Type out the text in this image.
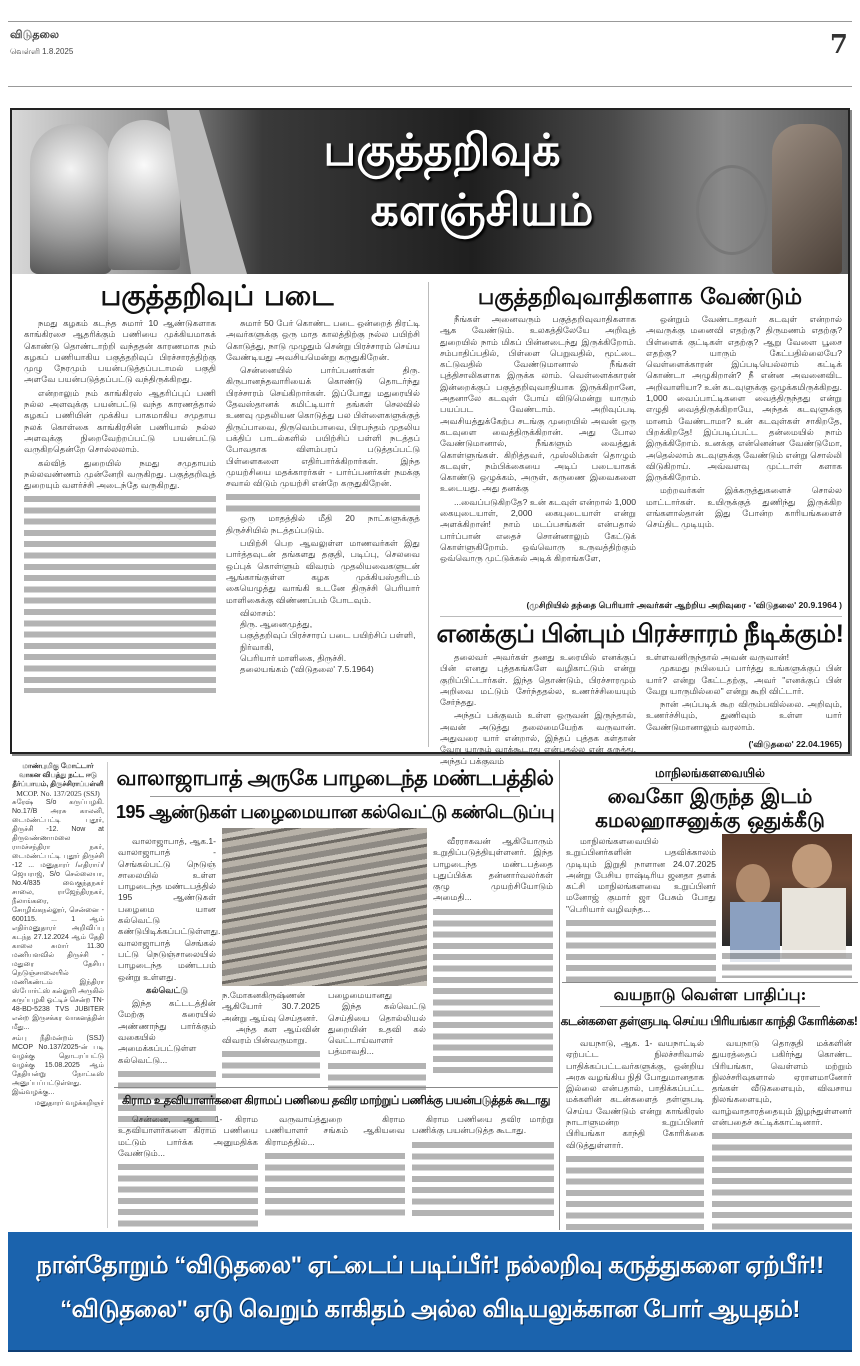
விடுதலை
வெள்ளி 1.8.2025	7
பகுத்தறிவுக்
களஞ்சியம்
பகுத்தறிவுப் படை

நமது கழகம் கடந்த சுமார் 10 ஆண்டுகளாக காங்கிரசை ஆதரிக்கும் பணியை முக்கியமாகக் கொண்டு தொண்டாற்றி வந்ததன் காரணமாக நம் கழகப் பணியாகிய பகுத்தறிவுப் பிரச்சாரத்திற்கு முழு நேரமும் பயன்படுத்தப்படாமல் பகுதி அளவே பயன்படுத்தப்பட்டு வந்திருக்கிறது.

என்றாலும் நம் காங்கிரஸ் ஆதரிப்புப் பணி நல்ல அளவுக்கு பயன்பட்டு வந்த காரணத்தால் கழகப் பணியின் முக்கிய பாகமாகிய சமுதாய நலக் கொள்கை காங்கிரசின் பணியால் நல்ல அளவுக்கு நிறைவேற்றப்பட்டு பயன்பட்டு வருகிறதென்றே சொல்லலாம்.

கல்வித் துறையில் நமது சமுதாயம் நல்லவண்ணம் முன்னேறி வருகிறது. பகுத்தறிவுத் துறையும் வளர்ச்சி அடைந்தே வருகிறது.

சுமார் 50 பேர் கொண்ட படை ஒன்றைத் திரட்டி அவர்களுக்கு ஒரு மாத காலத்திற்கு நல்ல பயிற்சி கொடுத்து, நாடு முழுதும் சென்று பிரச்சாரம் செய்ய வேண்டியது அவசியமென்று கருதுகிறேன்.

சென்னையில் பார்ப்பனர்கள் திரு. கிருபானந்தவாரியைக் கொண்டு தொடர்ந்து பிரச்சாரம் செய்கிறார்கள். இப்போது மதுரையில் தேவஸ்தானக் கமிட்டியார் தங்கள் செலவில் உணவு முதலியன கொடுத்து பல பிள்ளைகளுக்குத் திருப்பாவை, திருவெம்பாவை, பிரபந்தம் முதலிய பக்திப் பாடல்களில் பயிற்சிப் பள்ளி நடத்தப் போவதாக விளம்பரப் படுத்தப்பட்டு பிள்ளைகளை எதிர்பார்க்கிறார்கள். இந்த முயற்சியை மதக்காரர்கள் - பார்ப்பனர்கள் நமக்கு சவால் விடும் முயற்சி என்றே கருதுகிறேன்.

ஒரு மாதத்தில் மீதி 20 நாட்களுக்குத் திருச்சியில் நடத்தப்படும்.

பயிற்சி பெற ஆவலுள்ள மாணவர்கள் இது பார்த்தவுடன் தங்களது தகுதி, படிப்பு, செலவை ஒப்புக் கொள்ளும் விவரம் முதலியவைகளுடன் ஆங்காங்குள்ள கழக முக்கியஸ்தரிடம் கையெழுத்து வாங்கி உடனே திருச்சி பெரியார் மாளிகைக்கு விண்ணப்பம் போடவும்.

விலாசம்:
திரு. ஆனைமுத்து,
பகுத்தறிவுப் பிரச்சாரப் படை பயிற்சிப் பள்ளி,
நிர்வாகி,
பெரியார் மாளிகை, திருச்சி.
தலையங்கம் ('விடுதலை' 7.5.1964)
பகுத்தறிவுவாதிகளாக வேண்டும்

நீங்கள் அனைவரும் பகுத்தறிவுவாதிகளாக ஆக வேண்டும். உலகத்திலேயே அறிவுத் துறையில் நாம் மிகப் பின்னடைந்து இருக்கிறோம். சம்பாதிப்பதில், பிள்ளை பெறுவதில், மூட்டை கட்டுவதில் வேண்டுமானால் நீங்கள் புத்திசாலிகளாக இருக்க லாம். வெள்ளைக்காரன் இன்றைக்குப் பகுத்தறிவுவாதியாக இருக்கிறானே, அதனாலே கடவுள் போய் விடுமென்று யாரும் பயப்பட வேண்டாம். அறிவுப்படி அவசியத்துக்கேற்ப சடங்கு முறையில் அவன் ஒரு கடவுளை வைத்திருக்கிறான். அது போல வேண்டுமானால், நீங்களும் வைத்துக் கொள்ளுங்கள். கிறித்தவர், முஸ்லிம்கள் தொழும் கடவுள், நம்பிக்கையை அடிப் படையாகக் கொண்டு ஒழுக்கம், அருள், கருணை இவைகளை உடையது. அது தனக்கு

...வைப்படுகிறதே? உன் கடவுள் என்றால் 1,000 கையுடையாள், 2,000 கையுடையாள் என்று அளக்கிறான்! நாம் மடப்பசங்கள் என்பதால் பார்ப்பான் எதைச் சொன்னாலும் கேட்டுக் கொள்ளுகிறோம். ஒவ்வொரு உருவத்திற்கும் ஒவ்வொரு முட்டுக்கல் அடிக் கிறாங்களே,

ஒன்றும் வேண்டாதவர் கடவுள் என்றால் அவருக்கு மனைவி எதற்கு? திருமணம் எதற்கு? பிள்ளைக் குட்டிகள் எதற்கு? ஆறு வேளை பூசை எதற்கு? யாரும் கேட்பதில்லையே? வெள்ளைக்காரன் இப்படியெல்லாம் கட்டிக் கொண்டா அழுகிறான்? நீ என்ன அவனைவிட அறிவாளியா? உன் கடவுளுக்கு ஒழுக்கமிருக்கிறது. 1,000 வைப்பாட்டிகளை வைத்திருந்தது என்று எழுதி வைத்திருக்கிறாயே, அந்தக் கடவுளுக்கு மானம் வேண்டாமா? உன் கடவுள்கள் சாகிறதே, பிறக்கிறதே! இப்படிப்பட்ட தன்மையில் நாம் இருக்கிறோம். உனக்கு என்னென்ன வேண்டுமோ, அதெல்லாம் கடவுளுக்கு வேண்டும் என்று சொல்லி விடுகிறாய். அவ்வளவு முட்டாள் களாக இருக்கிறோம்.

மற்றவர்கள் இக்கருத்துகளைச் சொல்ல மாட்டார்கள். உயிருக்குத் துணிந்து இருக்கிற எங்களால்தான் இது போன்ற காரியங்களைச் செய்திட முடியும்.

(முசிறியில் தந்தை பெரியார் அவர்கள் ஆற்றிய அறிவுரை - 'விடுதலை' 20.9.1964 )
எனக்குப் பின்பும் பிரச்சாரம் நீடிக்கும்!

தலைவர் அவர்கள் தனது உரையில் எனக்குப் பின் எனது புத்தகங்களே வழிகாட்டும் என்று குறிப்பிட்டார்கள். இந்த தொண்டும், பிரச்சாரமும் அறிவை மட்டும் சேர்ந்ததல்ல, உணர்ச்சியையும் சேர்ந்தது.

அந்தப் பக்குவம் உள்ள ஒருவன் இருந்தால், அவன் அடுத்து தலைமையேற்க வருவான். அதுவரை யார் என்றால், இந்தப் புத்தக கள்தான் வேறு யாரும் வரக்கூடாது என்பதல்ல என் கருத்து. அந்தப் பக்குவம்

உள்ளவனிருந்தால் அவன் வருவான்!

முகமது நபியைப் பார்த்து உங்களுக்குப் பின் யார்? என்று கேட்டதற்கு, அவர் "எனக்குப் பின் வேறு யாருமில்லை" என்று கூறி விட்டார்.

நான் அப்படிக் கூற விரும்பவில்லை. அறிவும், உணர்ச்சியும், துணிவும் உள்ள யார் வேண்டுமானாலும் வரலாம்.

('விடுதலை' 22.04.1965)
மாண்புமிகு மோட்டார் வாகன விபத்து நட்ட ஈடு தீர்ப்பாயம், திருச்சிராப்பள்ளி
MCOP. No. 137/2025 (SSJ)
சுரேஷ் S/o கருப்பழகி. No.17/B அரசு காலனி, டைமண்ட்பட்டி புதூர், திருச்சி -12. Now at திருவண்ணாமலை ராமச்சந்திரா நகர், டைமண்ட்பட்டி புதூர் திருச்சி -12 ... மனுதாரர் /எதிராய்/ ஜெயராஜ், S/o செல்லையா, No.4/835 வைகுந்தநகர் சாலை, ராஜேந்திரநகர், நீலாங்கரை, சோழிங்கநல்லூர், சென்னை - 600115. ... 1 ஆம் எதிர்மனுதாரர் அறிவிப்பு கடந்த 27.12.2024 ஆம் தேதி காலை சுமார் 11.30 மணியளவில் திருச்சி - மதுரை தேசிய நெடுஞ்சாலையில் மணிகண்டம் இந்திரா ஸ்போர்ட்ஸ் கல்லூரி அருகில் கருப்பழகி ஓட்டிச் சென்ற TN-48-BD-5238 TVS JUBITER என்ற இருசக்கர வாகனத்தின் மீது...
சம்பு நீதிமன்றம் (SSJ) MCOP No.137/2025-ன் படி வழக்கு தொடரப்பட்டு வழக்கு 15.08.2025 ஆம் தேதியன்று நோட்டீஸ் அனுப்பப்பட்டுள்ளது. இவ்வழக்கு...
மனுதாரர் வழக்கறிஞர்
வாலாஜாபாத் அருகே பாழடைந்த மண்டபத்தில்
195 ஆண்டுகள் பழைமையான கல்வெட்டு கண்டெடுப்பு

வாலாஜாபாத், ஆக.1- வாலாஜாபாத் - செங்கல்பட்டு நெடுஞ் சாலையில் உள்ள பாழடைந்த மண்டபத்தில் 195 ஆண்டுகள் பழைமை யான கல்வெட்டு கண்டுபிடிக்கப்பட்டுள்ளது. வாலாஜாபாத் செங்கல் பட்டு நெடுஞ்சாலையில் பாழடைந்த மண்டபம் ஒன்று உள்ளது.

கல்வெட்டு

இந்த கட்டடத்தின் மேற்கு கரையில் அண்ணாந்து பார்க்கும் வகையில் அமைக்கப்பட்டுள்ள கல்வெட்டு...

ந.மோகனகிருஷ்ணன் ஆகியோர் 30.7.2025 அன்று ஆய்வு செய்தனர்.

அந்த கள ஆய்வின் விவரம் பின்வருமாறு.

பழைமையானது

இந்த கல்வெட்டு செய்தியை தொல்லியல் துறையின் உதவி கல் வெட்டாய்வாளர் பத்மாவதி...

வீரராகவன் ஆகியோரும் உறுதிப்படுத்தியுள்ளனர். இந்த பாழடைந்த மண்டபத்தை புதுப்பிக்க தன்னார்வலர்கள் குழு முயற்சியோடும் அமைதி...

கிராம உதவியாளர்களை கிராமப் பணியை தவிர மாற்றுப் பணிக்கு பயன்படுத்தக் கூடாது

சென்னை, ஆக. 1- கிராம உதவியாளர்களை கிராம பணியை மட்டும் பார்க்க அனுமதிக்க வேண்டும்...

வருவாய்த்துறை கிராம பணியாளர் சங்கம் ஆகியவை கிராமத்தில்...

கிராம பணியை தவிர மாற்று பணிக்கு பயன்படுத்த கூடாது.

மாநிலங்களவையில்
வைகோ இருந்த இடம்
கமலஹாசனுக்கு ஒதுக்கீடு

மாநிலங்களவையில் உறுப்பினர்களின் பதவிக்காலம் முடியும் இறுதி நாளான 24.07.2025 அன்று பேசிய ராஷ்டிரிய ஜனதா தளக் கட்சி மாநிலங்களவை உறுப்பினர் மனோஜ் குமார் ஜா பேசும் போது "பெரியார் வழிவந்த...

வயநாடு வெள்ள பாதிப்பு:
கடன்களை தள்ளுபடி செய்ய பிரியங்கா காந்தி கோரிக்கை!

வயநாடு, ஆக. 1- வயநாட்டில் ஏற்பட்ட நிலச்சரிவால் பாதிக்கப்பட்டவர்களுக்கு, ஒன்றிய அரசு வழங்கிய நிதி போதுமானதாக இல்லை என்பதால், பாதிக்கப்பட்ட மக்களின் கடன்களைத் தள்ளுபடி செய்ய வேண்டும் என்று காங்கிரஸ் நாடாளுமன்ற உறுப்பினர் பிரியங்கா காந்தி கோரிக்கை விடுத்துள்ளார்.

வயநாடு தொகுதி மக்களின் துயரத்தைப் பகிர்ந்து கொண்ட பிரியங்கா, வெள்ளம் மற்றும் நிலச்சரிவுகளால் ஏராளமானோர் தங்கள் வீடுகளையும், விவசாய நிலங்களையும், வாழ்வாதாரத்தையும் இழந்துள்ளனர் என்பதைச் சுட்டிக்காட்டினார்.

நாள்தோறும் “விடுதலை" ஏட்டைப் படிப்பீர்! நல்லறிவு கருத்துகளை ஏற்பீர்!!
“விடுதலை" ஏடு வெறும் காகிதம் அல்ல விடியலுக்கான போர் ஆயுதம்!
